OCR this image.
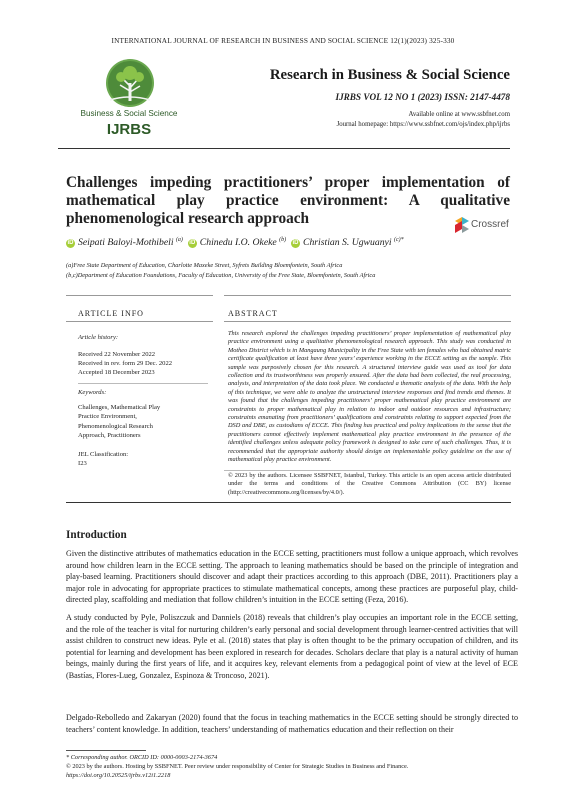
INTERNATIONAL JOURNAL OF RESEARCH IN BUSINESS AND SOCIAL SCIENCE 12(1)(2023) 325-330
Business & Social Science
IJRBS
Research in Business & Social Science
IJRBS VOL 12 NO 1 (2023) ISSN: 2147-4478
Available online at www.ssbfnet.com
Journal homepage: https://www.ssbfnet.com/ojs/index.php/ijrbs
Challenges impeding practitioners’ proper implementation of mathematical play practice environment: A qualitative phenomenological research approach	Crossref
iD Seipati Baloyi-Mothibeli $^{(a)}$  iD Chinedu I.O. Okeke $^{(b)}$  iD Christian S. Ugwuanyi $^{(c)*}$
(a)Free State Department of Education, Charlotte Maxeke Street, Syfrets Building Bloemfontein, South Africa
(b,c)Department of Education Foundations, Faculty of Education, University of the Free State, Bloemfontein, South Africa
ARTICLE INFO	ABSTRACT
Article history:
Received 22 November 2022
Received in rev. form 29 Dec. 2022
Accepted 18 December 2023
Keywords:
Challenges, Mathematical Play Practice Environment, Phenomenological Research Approach, Practitioners
JEL Classification:
I23
This research explored the challenges impeding practitioners’ proper implementation of mathematical play practice environment using a qualitative phenomenological research approach. This study was conducted in Motheo District which is in Mangaung Municipality in the Free State with ten females who had obtained matric certificate qualification at least have three years’ experience working in the ECCE setting as the sample. This sample was purposively chosen for this research. A structured interview guide was used as tool for data collection and its trustworthiness was properly ensured. After the data had been collected, the real processing, analysis, and interpretation of the data took place. We conducted a thematic analysis of the data. With the help of this technique, we were able to analyze the unstructured interview responses and find trends and themes. It was found that the challenges impeding practitioners’ proper mathematical play practice environment are constraints to proper mathematical play in relation to indoor and outdoor resources and infrastructure; constraints emanating from practitioners’ qualifications and constraints relating to support expected from the DSD and DBE, as custodians of ECCE. This finding has practical and policy implications in the sense that the practitioners cannot effectively implement mathematical play practice environment in the presence of the identified challenges unless adequate policy framework is designed to take care of such challenges. Thus, it is recommended that the appropriate authority should design an implementable policy guideline on the use of mathematical play practice environment.
© 2023 by the authors. Licensee SSBFNET, Istanbul, Turkey. This article is an open access article distributed under the terms and conditions of the Creative Commons Attribution (CC BY) license (http://creativecommons.org/licenses/by/4.0/).
Introduction
Given the distinctive attributes of mathematics education in the ECCE setting, practitioners must follow a unique approach, which revolves around how children learn in the ECCE setting. The approach to leaning mathematics should be based on the principle of integration and play-based learning. Practitioners should discover and adapt their practices according to this approach (DBE, 2011). Practitioners play a major role in advocating for appropriate practices to stimulate mathematical concepts, among these practices are purposeful play, child-directed play, scaffolding and mediation that follow children’s intuition in the ECCE setting (Feza, 2016).
A study conducted by Pyle, Poliszczuk and Danniels (2018) reveals that children’s play occupies an important role in the ECCE setting, and the role of the teacher is vital for nurturing children’s early personal and social development through learner-centred activities that will assist children to construct new ideas. Pyle et al. (2018) states that play is often thought to be the primary occupation of children, and its potential for learning and development has been explored in research for decades. Scholars declare that play is a natural activity of human beings, mainly during the first years of life, and it acquires key, relevant elements from a pedagogical point of view at the level of ECE (Bastías, Flores-Lueg, Gonzalez, Espinoza & Troncoso, 2021).
Delgado-Rebolledo and Zakaryan (2020) found that the focus in teaching mathematics in the ECCE setting should be strongly directed to teachers’ content knowledge. In addition, teachers’ understanding of mathematics education and their reflection on their
* Corresponding author. ORCID ID: 0000-0003-2174-3674
© 2023 by the authors. Hosting by SSBFNET. Peer review under responsibility of Center for Strategic Studies in Business and Finance.
https://doi.org/10.20525/ijrbs.v12i1.2218
